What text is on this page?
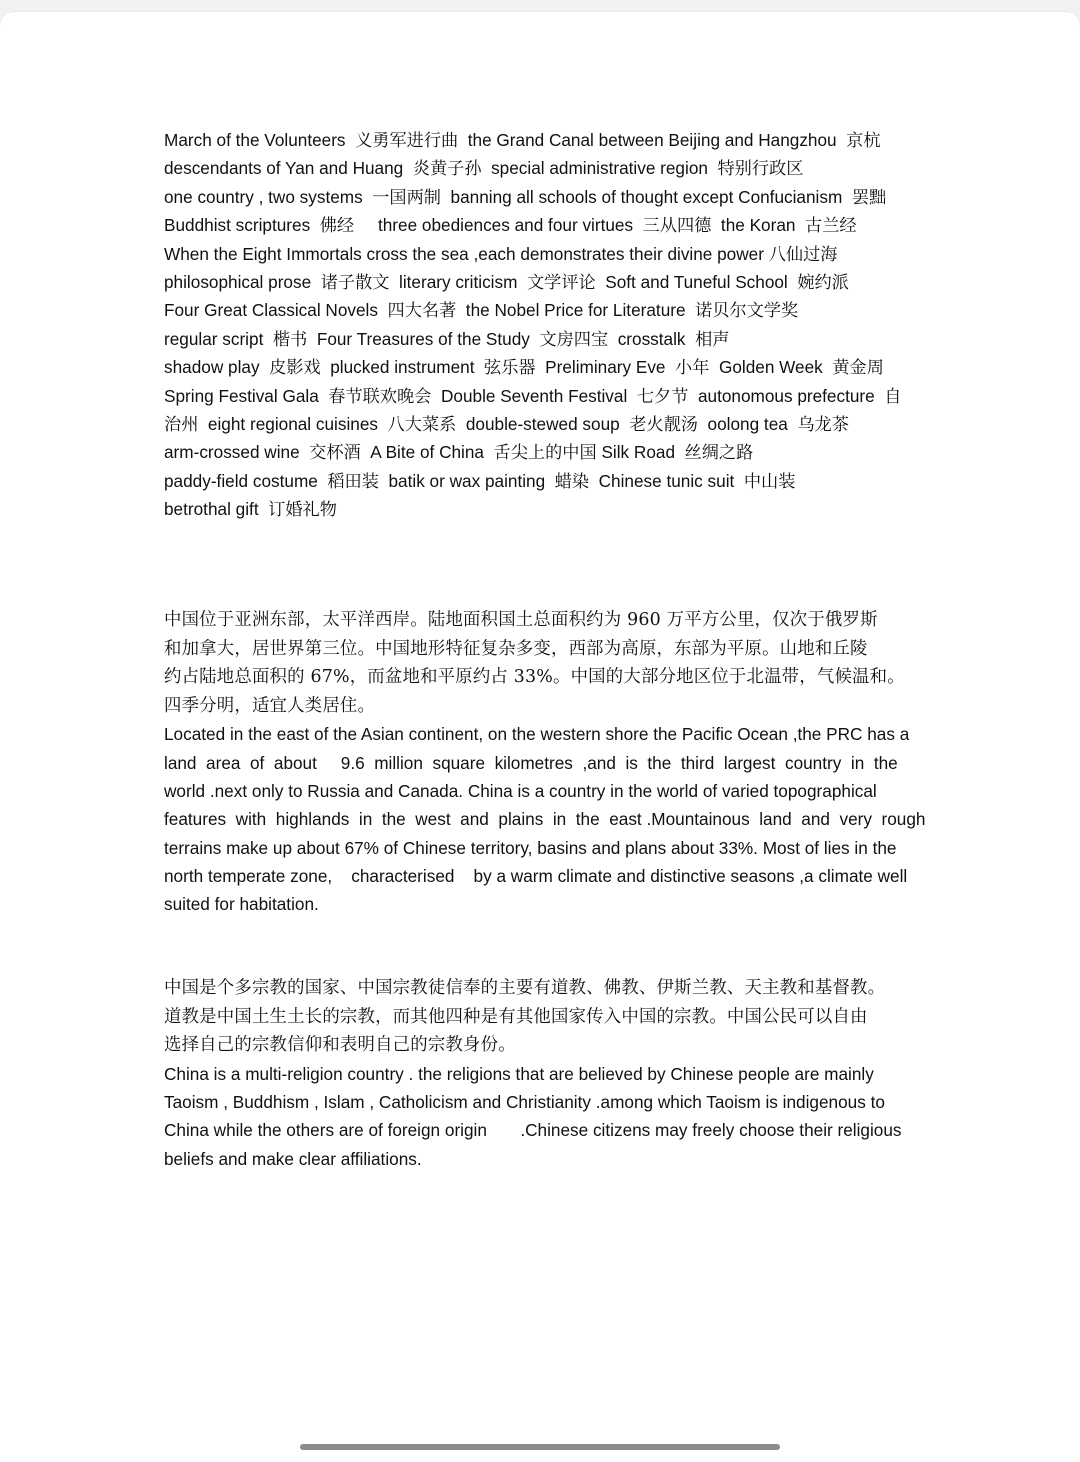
March of the Volunteers  义勇军进行曲  the Grand Canal between Beijing and Hangzhou  京杭
descendants of Yan and Huang  炎黄子孙  special administrative region  特别行政区
one country , two systems  一国两制  banning all schools of thought except Confucianism  罢黜
Buddhist scriptures  佛经     three obediences and four virtues  三从四德  the Koran  古兰经
When the Eight Immortals cross the sea ,each demonstrates their divine power 八仙过海
philosophical prose  诸子散文  literary criticism  文学评论  Soft and Tuneful School  婉约派
Four Great Classical Novels  四大名著  the Nobel Price for Literature  诺贝尔文学奖
regular script  楷书  Four Treasures of the Study  文房四宝  crosstalk  相声
shadow play  皮影戏  plucked instrument  弦乐器  Preliminary Eve  小年  Golden Week  黄金周
Spring Festival Gala  春节联欢晚会  Double Seventh Festival  七夕节  autonomous prefecture  自
治州  eight regional cuisines  八大菜系  double-stewed soup  老火靓汤  oolong tea  乌龙茶
arm-crossed wine  交杯酒  A Bite of China  舌尖上的中国 Silk Road  丝绸之路
paddy-field costume  稻田装  batik or wax painting  蜡染  Chinese tunic suit  中山装
betrothal gift  订婚礼物
中国位于亚洲东部，太平洋西岸。陆地面积国土总面积约为 960 万平方公里，仅次于俄罗斯
和加拿大，居世界第三位。中国地形特征复杂多变，西部为高原，东部为平原。山地和丘陵
约占陆地总面积的 67%，而盆地和平原约占 33%。中国的大部分地区位于北温带，气候温和。
四季分明，适宜人类居住。
Located in the east of the Asian continent, on the western shore the Pacific Ocean ,the PRC has a
land  area  of  about     9.6  million  square  kilometres  ,and  is  the  third  largest  country  in  the
world .next only to Russia and Canada. China is a country in the world of varied topographical
features  with  highlands  in  the  west  and  plains  in  the  east .Mountainous  land  and  very  rough
terrains make up about 67% of Chinese territory, basins and plans about 33%. Most of lies in the
north temperate zone,    characterised    by a warm climate and distinctive seasons ,a climate well
suited for habitation.
中国是个多宗教的国家、中国宗教徒信奉的主要有道教、佛教、伊斯兰教、天主教和基督教。
道教是中国土生土长的宗教，而其他四种是有其他国家传入中国的宗教。中国公民可以自由
选择自己的宗教信仰和表明自己的宗教身份。
China is a multi-religion country . the religions that are believed by Chinese people are mainly
Taoism , Buddhism , Islam , Catholicism and Christianity .among which Taoism is indigenous to
China while the others are of foreign origin       .Chinese citizens may freely choose their religious
beliefs and make clear affiliations.
